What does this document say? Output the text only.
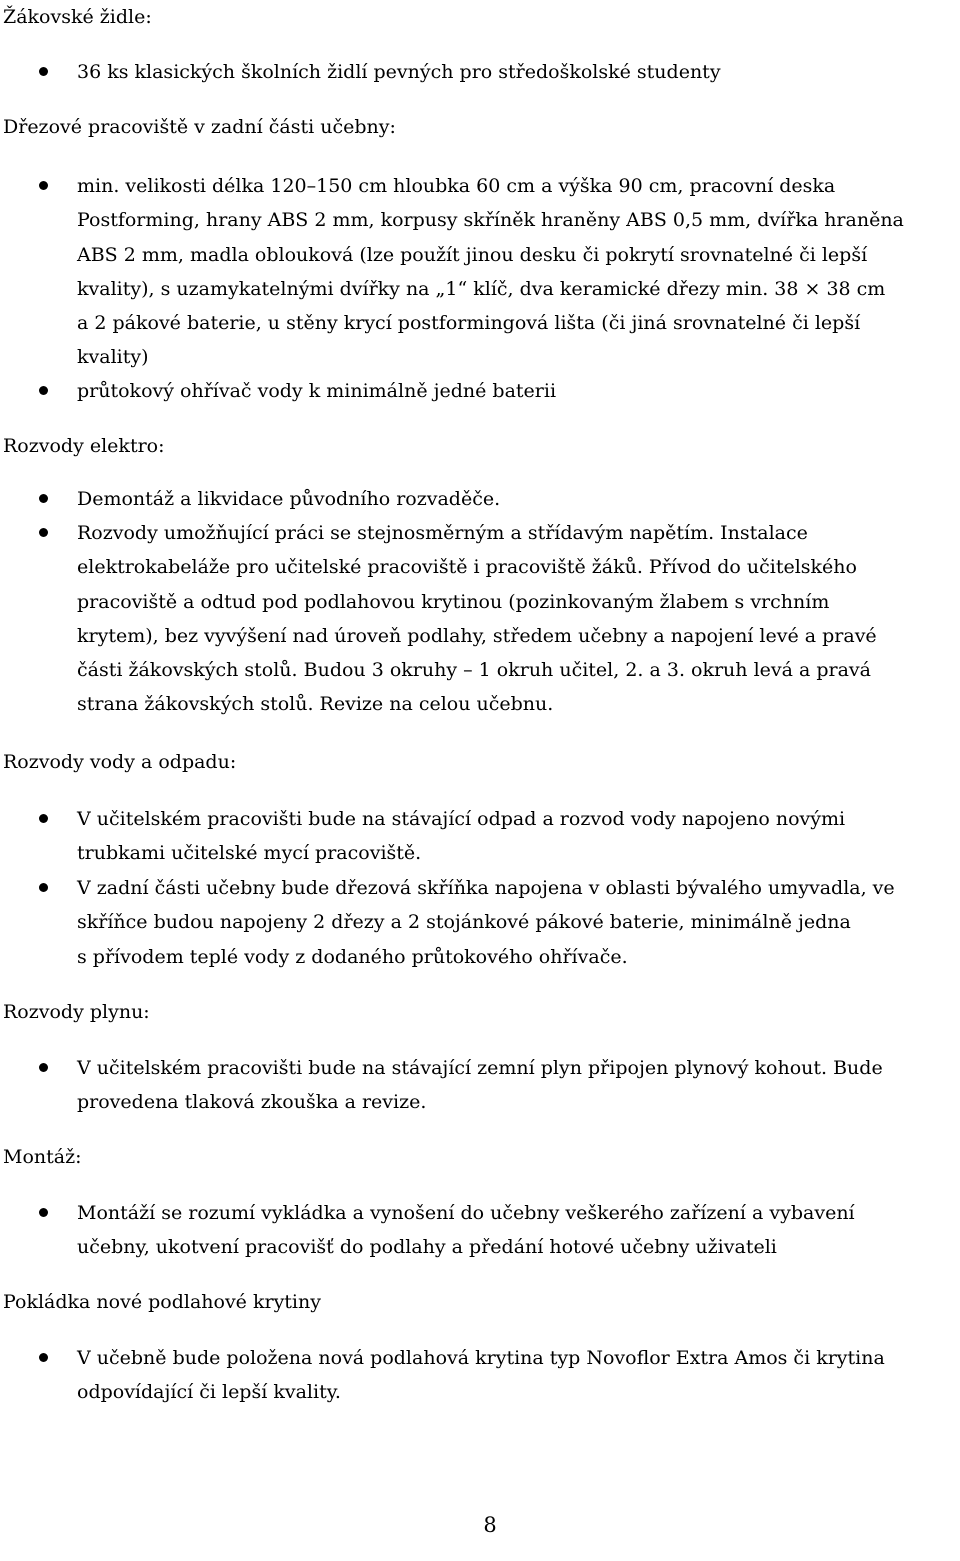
Žákovské židle:

36 ks klasických školních židlí pevných pro středoškolské studenty

Dřezové pracoviště v zadní části učebny:

min. velikosti délka 120–150 cm hloubka 60 cm a výška 90 cm, pracovní deska
Postforming, hrany ABS 2 mm, korpusy skříněk hraněny ABS 0,5 mm, dvířka hraněna
ABS 2 mm, madla oblouková (lze použít jinou desku či pokrytí srovnatelné či lepší
kvality), s uzamykatelnými dvířky na „1“ klíč, dva keramické dřezy min. 38 × 38 cm
a 2 pákové baterie, u stěny krycí postformingová lišta (či jiná srovnatelné či lepší
kvality)

průtokový ohřívač vody k minimálně jedné baterii

Rozvody elektro:

Demontáž a likvidace původního rozvaděče.

Rozvody umožňující práci se stejnosměrným a střídavým napětím. Instalace
elektrokabeláže pro učitelské pracoviště i pracoviště žáků. Přívod do učitelského
pracoviště a odtud pod podlahovou krytinou (pozinkovaným žlabem s vrchním
krytem), bez vyvýšení nad úroveň podlahy, středem učebny a napojení levé a pravé
části žákovských stolů. Budou 3 okruhy – 1 okruh učitel, 2. a 3. okruh levá a pravá
strana žákovských stolů. Revize na celou učebnu.

Rozvody vody a odpadu:

V učitelském pracovišti bude na stávající odpad a rozvod vody napojeno novými
trubkami učitelské mycí pracoviště.

V zadní části učebny bude dřezová skříňka napojena v oblasti bývalého umyvadla, ve
skříňce budou napojeny 2 dřezy a 2 stojánkové pákové baterie, minimálně jedna
s přívodem teplé vody z dodaného průtokového ohřívače.

Rozvody plynu:

V učitelském pracovišti bude na stávající zemní plyn připojen plynový kohout. Bude
provedena tlaková zkouška a revize.

Montáž:

Montáží se rozumí vykládka a vynošení do učebny veškerého zařízení a vybavení
učebny, ukotvení pracovišť do podlahy a předání hotové učebny uživateli

Pokládka nové podlahové krytiny

V učebně bude položena nová podlahová krytina typ Novoflor Extra Amos či krytina
odpovídající či lepší kvality.

8
